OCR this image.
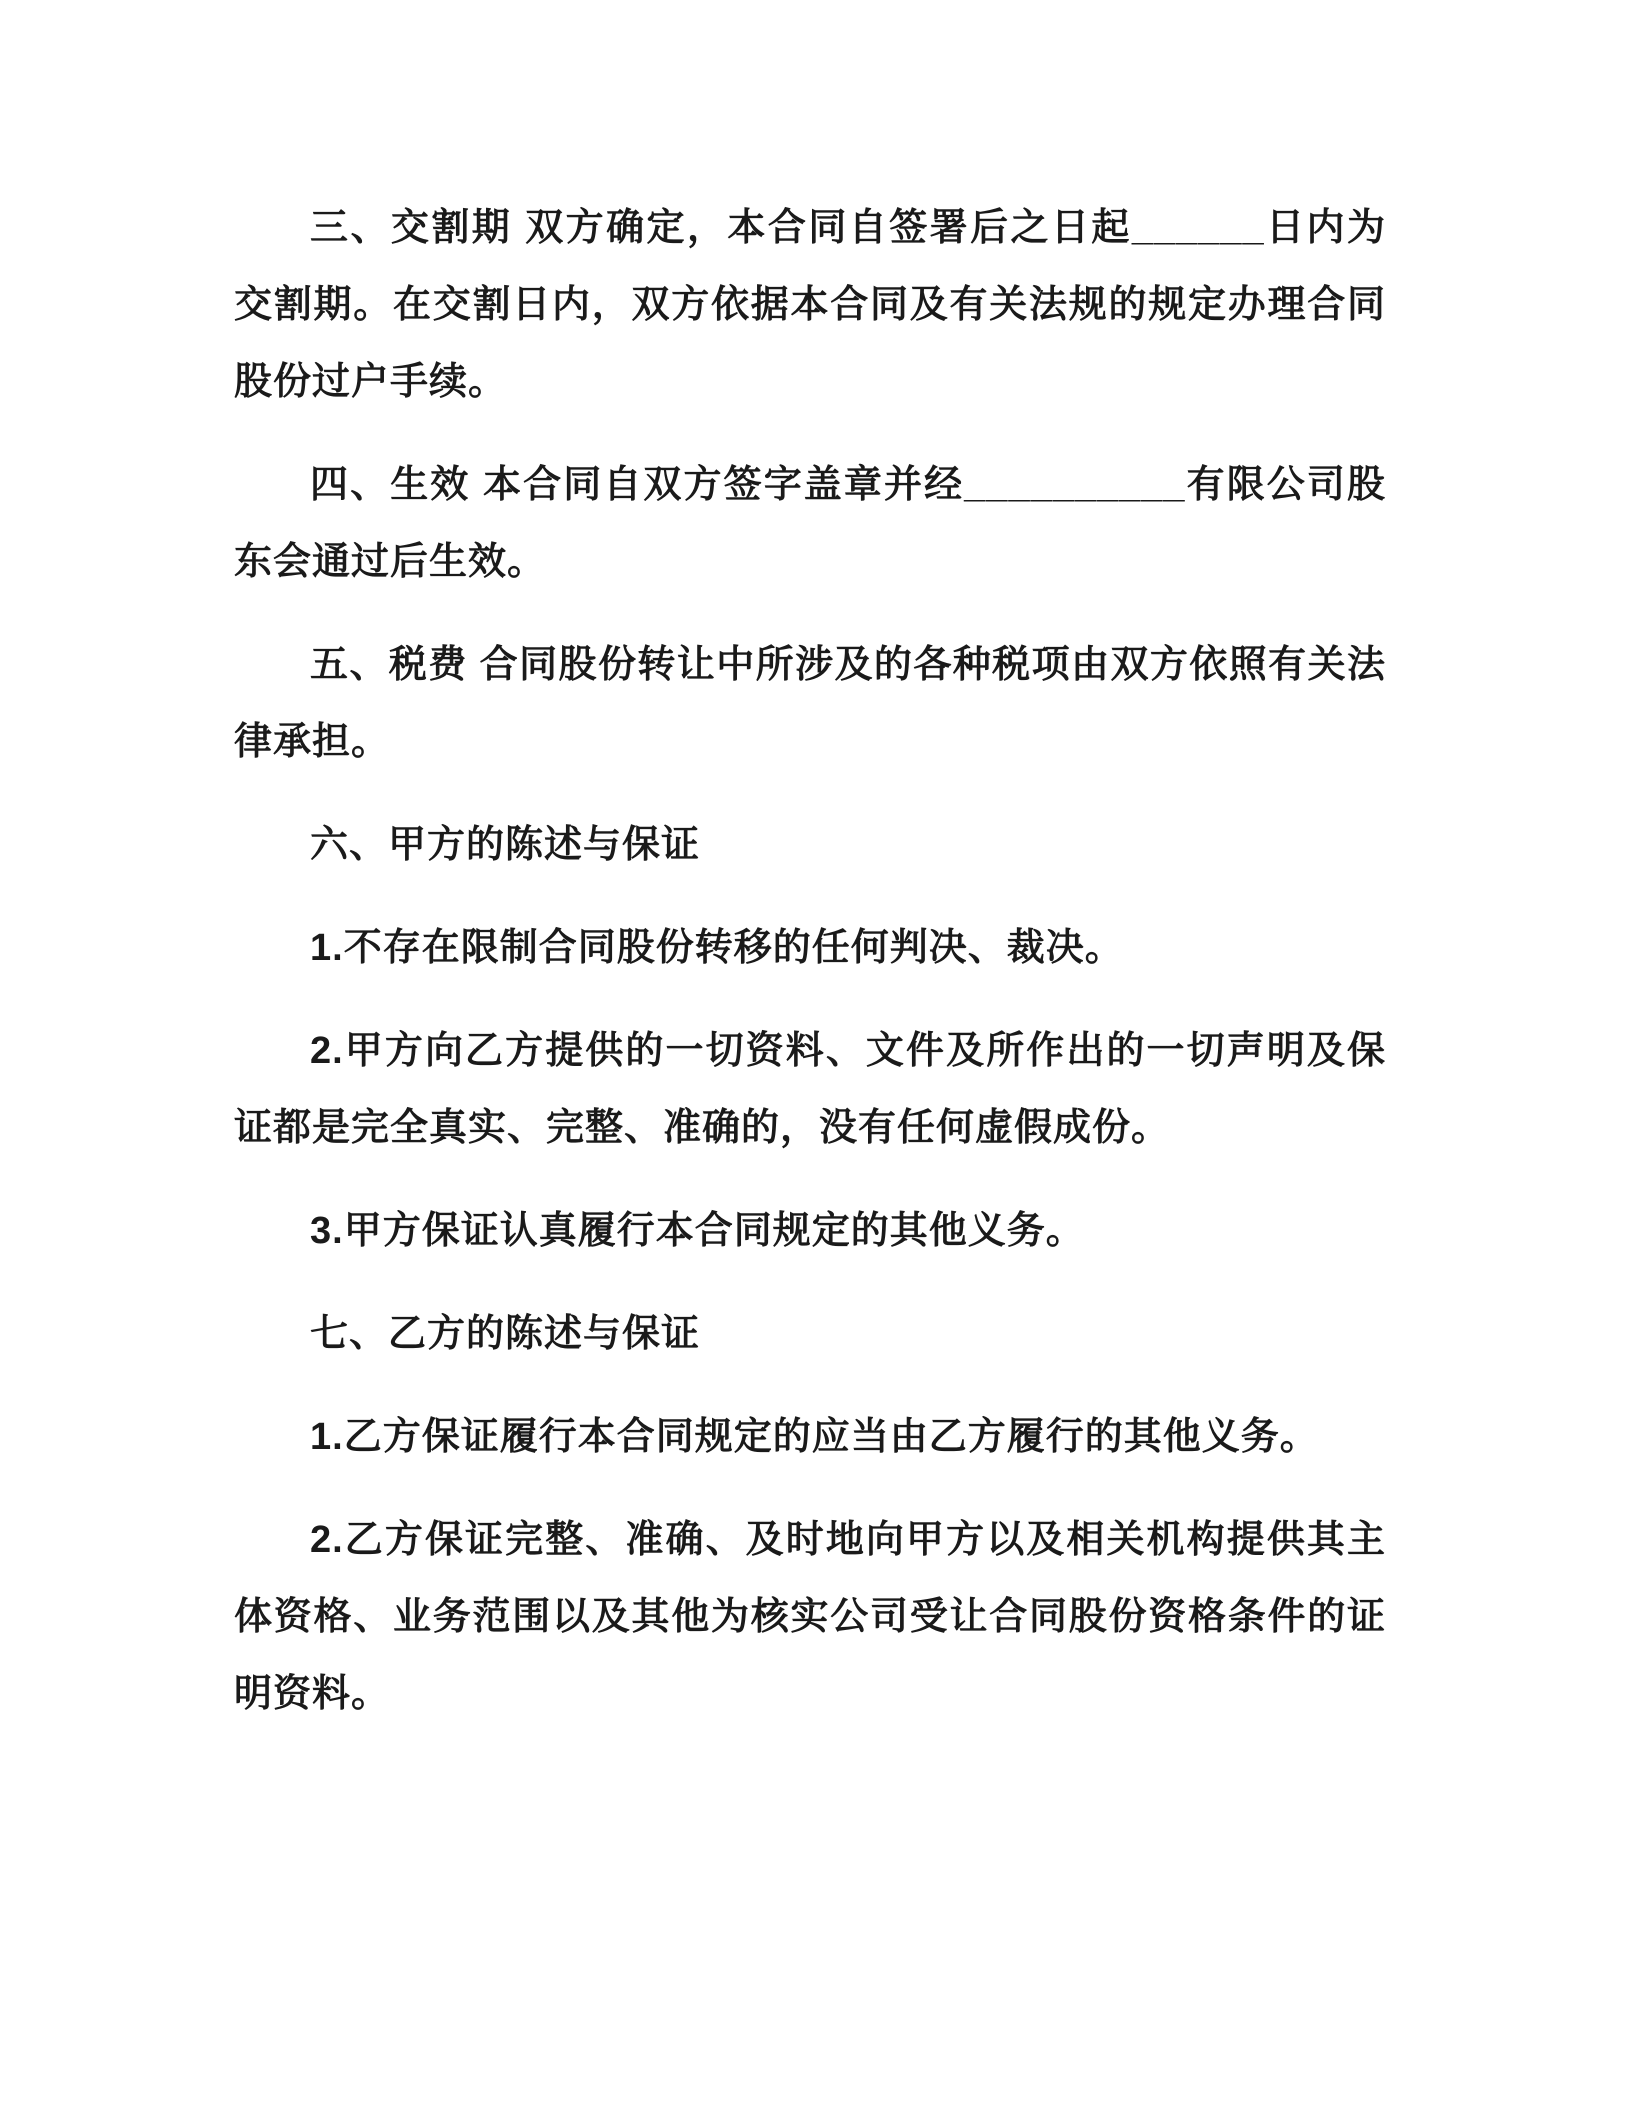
三、交割期 双方确定，本合同自签署后之日起______日内为交割期。在交割日内，双方依据本合同及有关法规的规定办理合同股份过户手续。

四、生效 本合同自双方签字盖章并经__________有限公司股东会通过后生效。

五、税费 合同股份转让中所涉及的各种税项由双方依照有关法律承担。

六、甲方的陈述与保证

1.不存在限制合同股份转移的任何判决、裁决。

2.甲方向乙方提供的一切资料、文件及所作出的一切声明及保证都是完全真实、完整、准确的，没有任何虚假成份。

3.甲方保证认真履行本合同规定的其他义务。

七、乙方的陈述与保证

1.乙方保证履行本合同规定的应当由乙方履行的其他义务。

2.乙方保证完整、准确、及时地向甲方以及相关机构提供其主体资格、业务范围以及其他为核实公司受让合同股份资格条件的证明资料。
